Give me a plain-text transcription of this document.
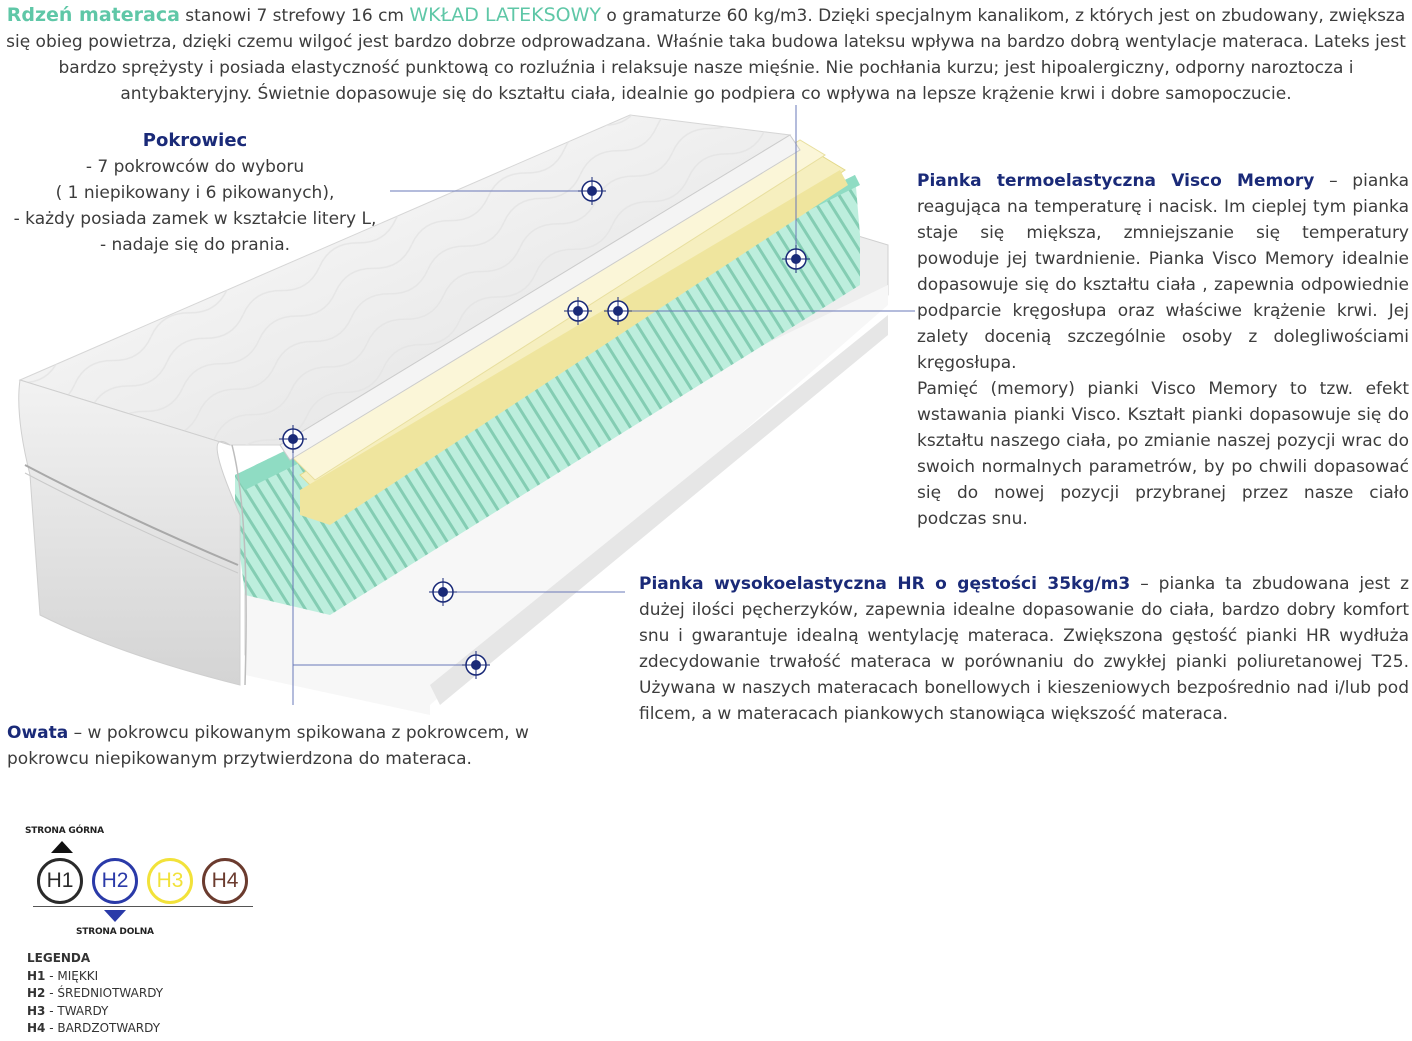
Rdzeń materaca stanowi 7 strefowy 16 cm WKŁAD LATEKSOWY o gramaturze 60 kg/m3. Dzięki specjalnym kanalikom, z których jest on zbudowany, zwiększa się obieg powietrza, dzięki czemu wilgoć jest bardzo dobrze odprowadzana. Właśnie taka budowa lateksu wpływa na bardzo dobrą wentylacje materaca. Lateks jest bardzo sprężysty i posiada elastyczność punktową co rozluźnia i relaksuje nasze mięśnie. Nie pochłania kurzu; jest hipoalergiczny, odporny naroztocza i antybakteryjny. Świetnie dopasowuje się do kształtu ciała, idealnie go podpiera co wpływa na lepsze krążenie krwi i dobre samopoczucie.
Pokrowiec
- 7 pokrowców do wyboru
( 1 niepikowany i 6 pikowanych),
- każdy posiada zamek w kształcie litery L,
- nadaje się do prania.

Pianka termoelastyczna Visco Memory – pianka reagująca na temperaturę i nacisk. Im cieplej tym pianka staje się miększa, zmniejszanie się temperatury powoduje jej twardnienie. Pianka Visco Memory idealnie dopasowuje się do kształtu ciała , zapewnia odpowiednie podparcie kręgosłupa oraz właściwe krążenie krwi. Jej zalety docenią szczególnie osoby z dolegliwościami kręgosłupa.

Pamięć (memory) pianki Visco Memory to tzw. efekt wstawania pianki Visco. Kształt pianki dopasowuje się do kształtu naszego ciała, po zmianie naszej pozycji wrac do swoich normalnych parametrów, by po chwili dopasować się do nowej pozycji przybranej przez nasze ciało podczas snu.

Pianka wysokoelastyczna HR o gęstości 35kg/m3 – pianka ta zbudowana jest z dużej ilości pęcherzyków, zapewnia idealne dopasowanie do ciała, bardzo dobry komfort snu i gwarantuje idealną wentylację materaca. Zwiększona gęstość pianki HR wydłuża zdecydowanie trwałość materaca w porównaniu do zwykłej pianki poliuretanowej T25. Używana w naszych materacach bonellowych i kieszeniowych bezpośrednio nad i/lub pod filcem, a w materacach piankowych stanowiąca większość materaca.
Owata – w pokrowcu pikowanym spikowana z pokrowcem, w pokrowcu niepikowanym przytwierdzona do materaca.
STRONA GÓRNA
H1	H2	H3	H4
STRONA DOLNA
LEGENDA
H1 - MIĘKKI
H2 - ŚREDNIOTWARDY
H3 - TWARDY
H4 - BARDZOTWARDY
